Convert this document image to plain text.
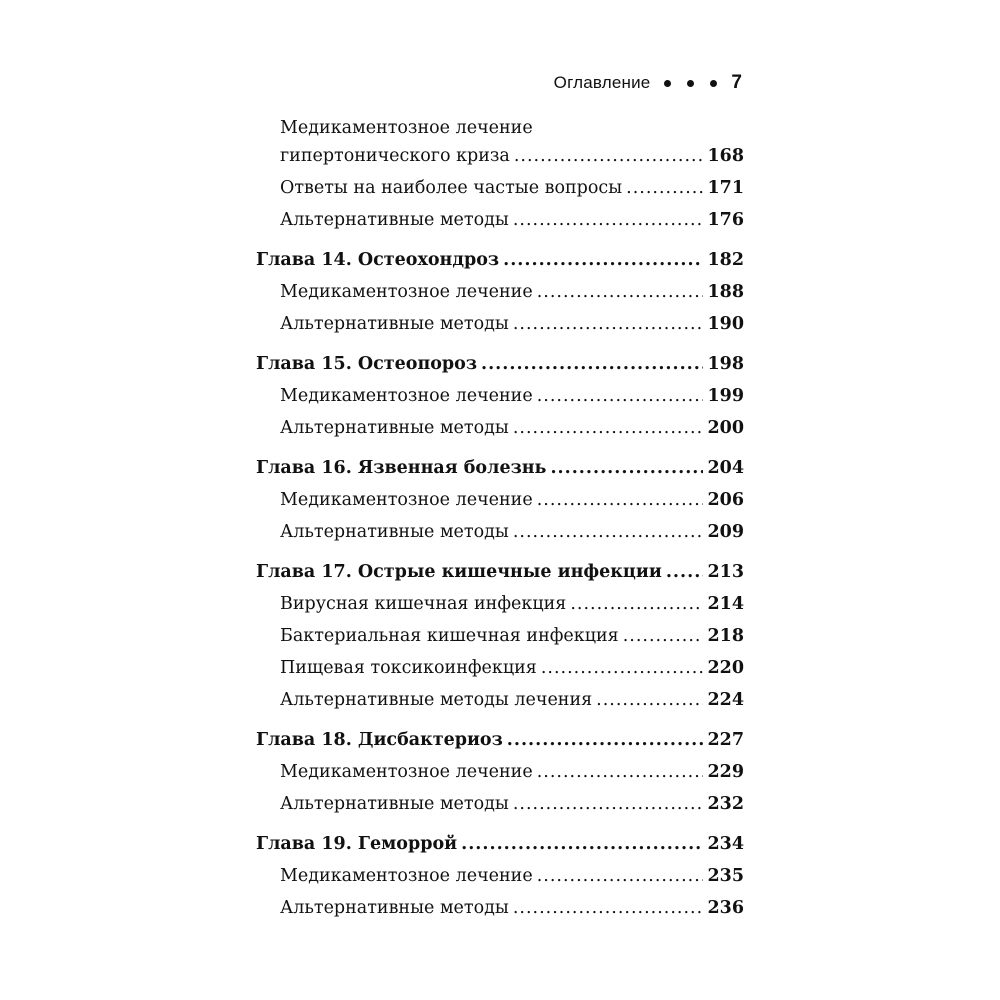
Оглавление	7
Медикаментозное лечение
гипертонического криза .....	168
Ответы на наиболее частые вопросы .....	171
Альтернативные методы .....	176
Глава 14. Остеохондроз .....	182
Медикаментозное лечение .....	188
Альтернативные методы .....	190
Глава 15. Остеопороз .....	198
Медикаментозное лечение .....	199
Альтернативные методы .....	200
Глава 16. Язвенная болезнь .....	204
Медикаментозное лечение .....	206
Альтернативные методы .....	209
Глава 17. Острые кишечные инфекции .....	213
Вирусная кишечная инфекция .....	214
Бактериальная кишечная инфекция .....	218
Пищевая токсикоинфекция .....	220
Альтернативные методы лечения .....	224
Глава 18. Дисбактериоз .....	227
Медикаментозное лечение .....	229
Альтернативные методы .....	232
Глава 19. Геморрой .....	234
Медикаментозное лечение .....	235
Альтернативные методы .....	236
